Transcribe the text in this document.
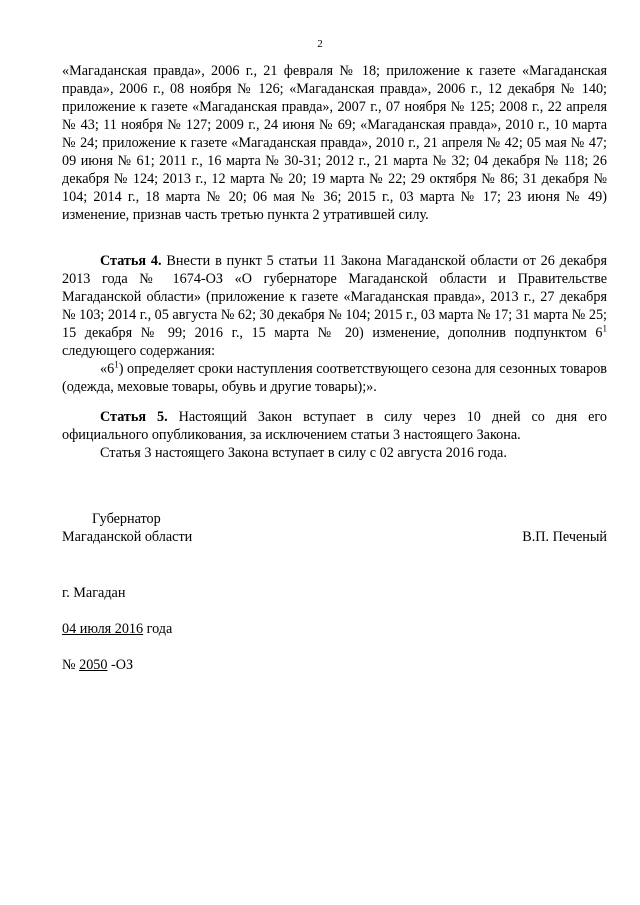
2
«Магаданская правда», 2006 г., 21 февраля № 18; приложение к газете «Магаданская правда», 2006 г., 08 ноября № 126; «Магаданская правда», 2006 г., 12 декабря № 140; приложение к газете «Магаданская правда», 2007 г., 07 ноября № 125; 2008 г., 22 апреля № 43; 11 ноября № 127; 2009 г., 24 июня № 69; «Магаданская правда», 2010 г., 10 марта № 24; приложение к газете «Магаданская правда», 2010 г., 21 апреля № 42; 05 мая № 47; 09 июня № 61; 2011 г., 16 марта № 30-31; 2012 г., 21 марта № 32; 04 декабря № 118; 26 декабря № 124; 2013 г., 12 марта № 20; 19 марта № 22; 29 октября № 86; 31 декабря № 104; 2014 г., 18 марта № 20; 06 мая № 36; 2015 г., 03 марта № 17; 23 июня № 49) изменение, признав часть третью пункта 2 утратившей силу.
Статья 4. Внести в пункт 5 статьи 11 Закона Магаданской области от 26 декабря 2013 года № 1674-ОЗ «О губернаторе Магаданской области и Правительстве Магаданской области» (приложение к газете «Магаданская правда», 2013 г., 27 декабря № 103; 2014 г., 05 августа № 62; 30 декабря № 104; 2015 г., 03 марта № 17; 31 марта № 25; 15 декабря № 99; 2016 г., 15 марта № 20) изменение, дополнив подпунктом $6^1$ следующего содержания:
«$6^1$) определяет сроки наступления соответствующего сезона для сезонных товаров (одежда, меховые товары, обувь и другие товары);».
Статья 5. Настоящий Закон вступает в силу через 10 дней со дня его официального опубликования, за исключением статьи 3 настоящего Закона.
Статья 3 настоящего Закона вступает в силу с 02 августа 2016 года.
Губернатор
Магаданской области	В.П. Печеный
г. Магадан
04 июля 2016 года
№ 2050 -ОЗ
